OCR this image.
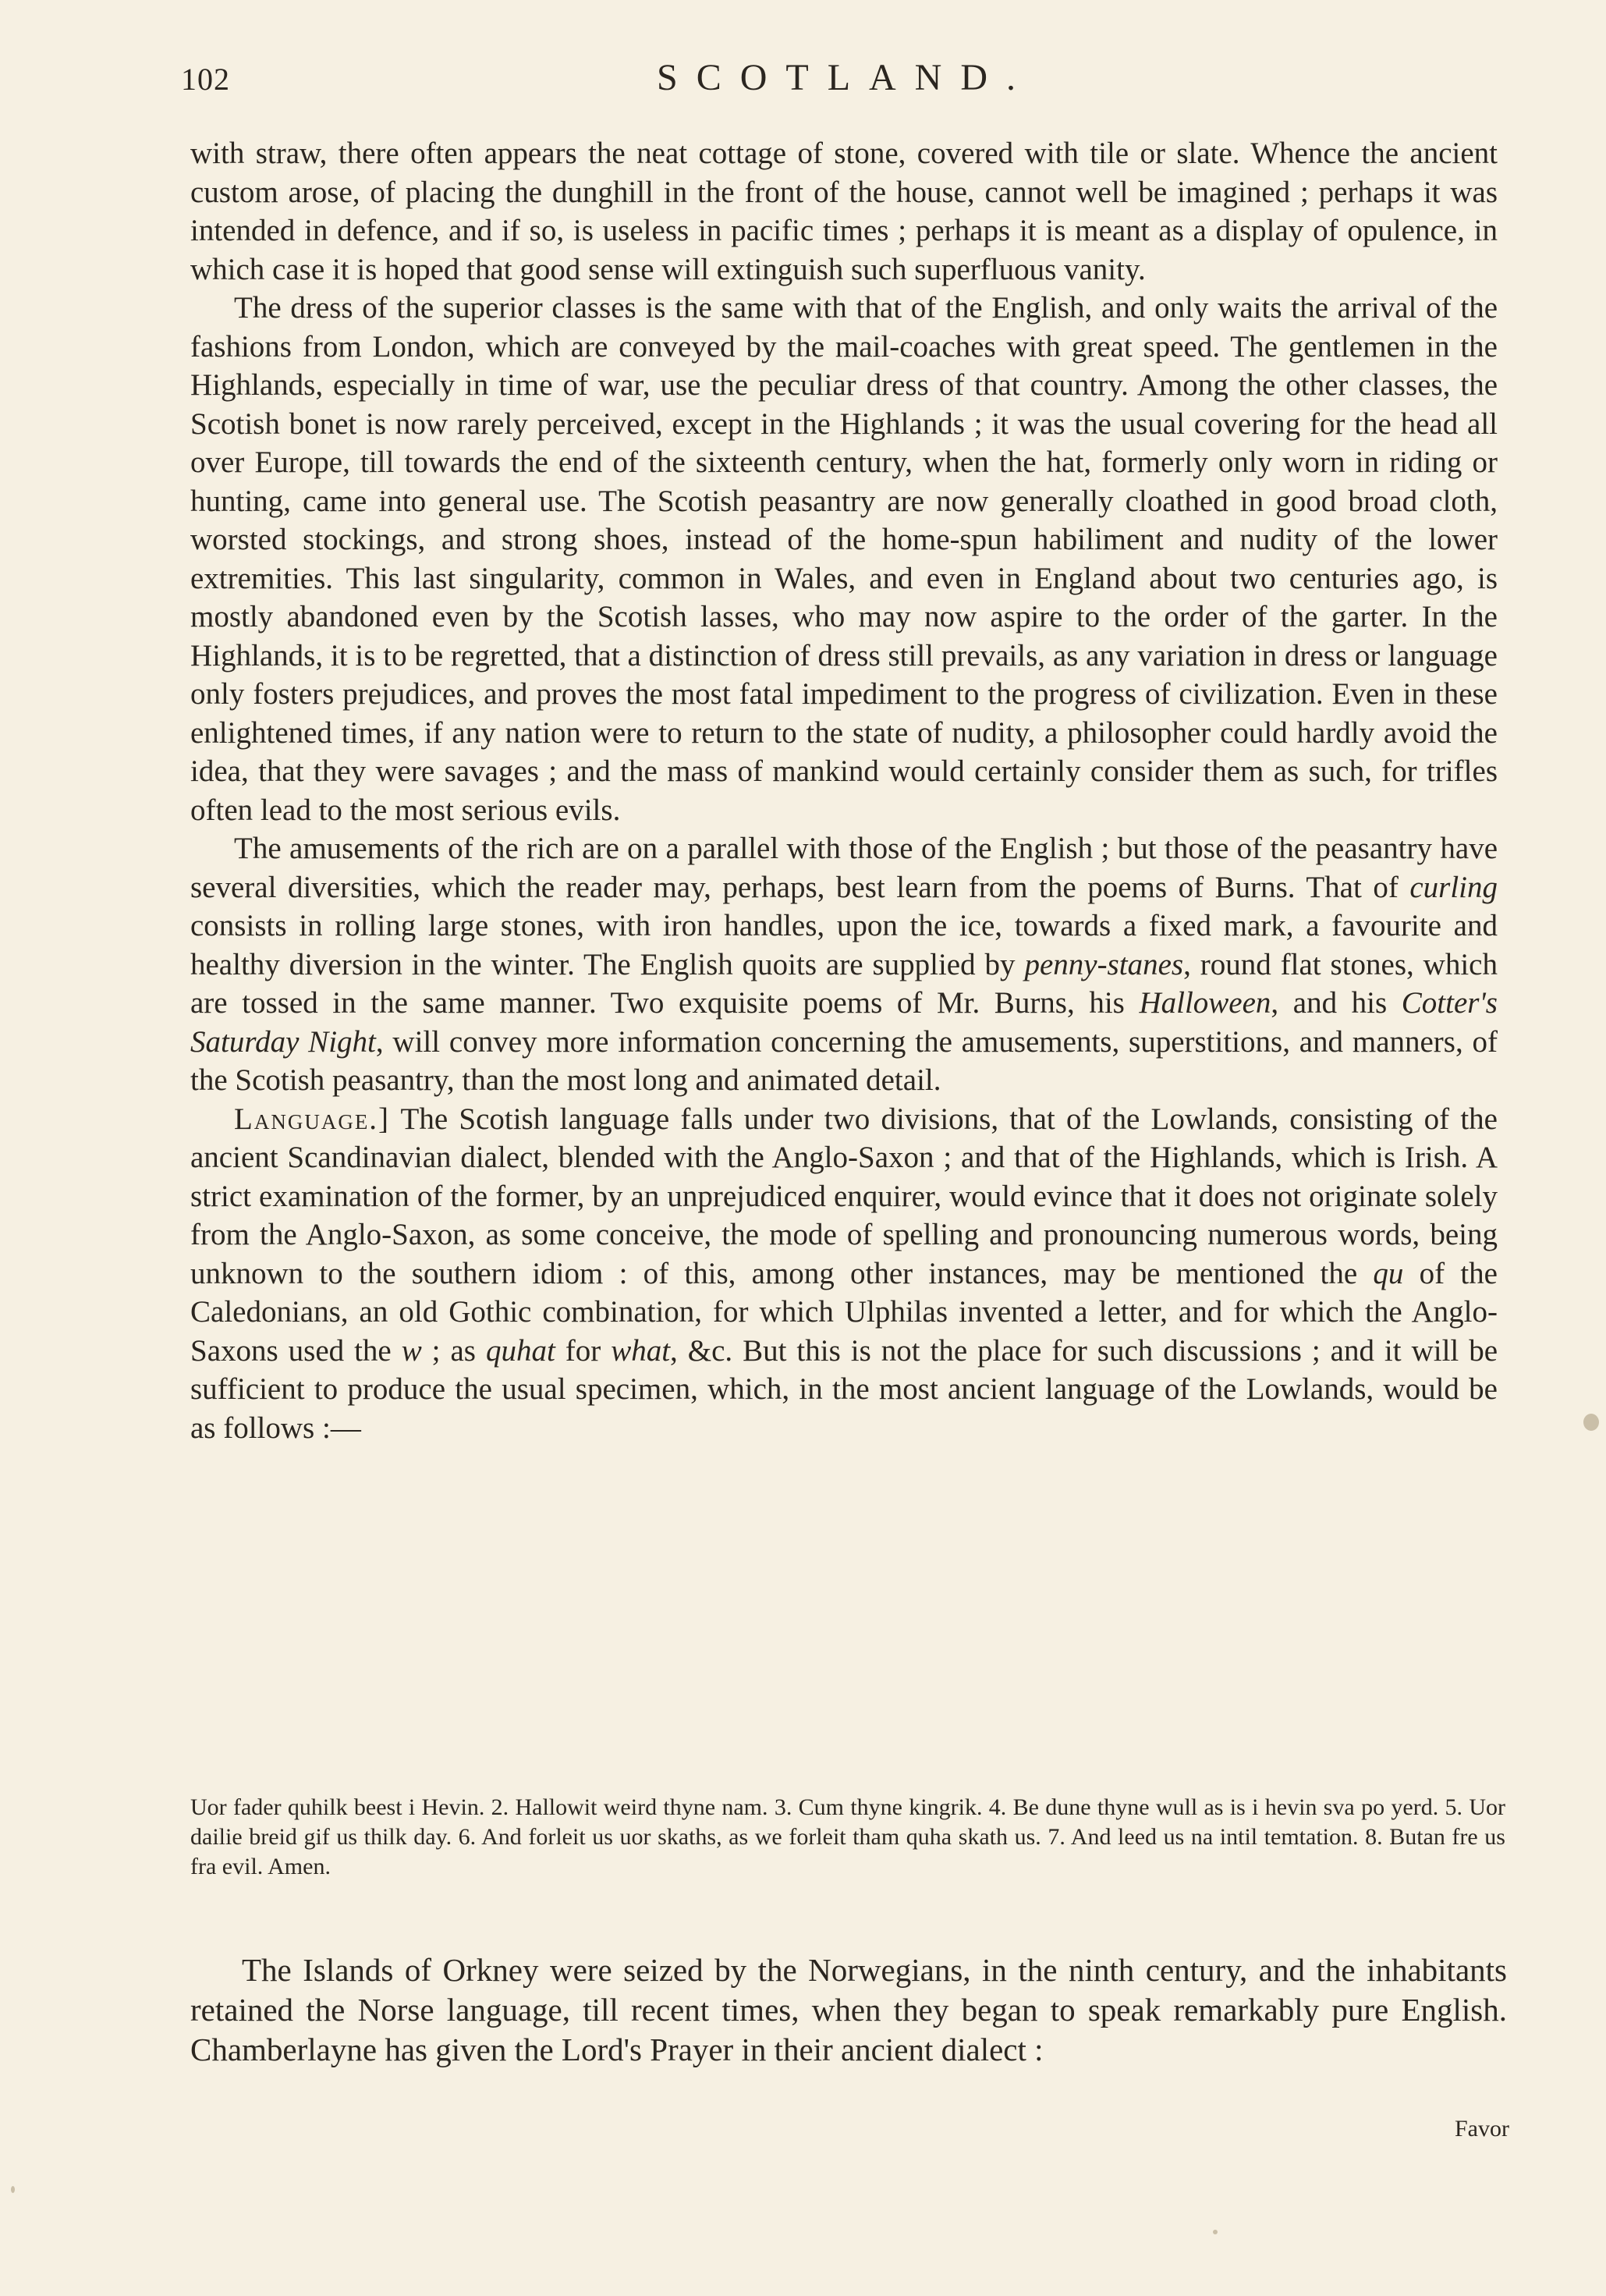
102	SCOTLAND.

with straw, there often appears the neat cottage of stone, covered with tile or slate. Whence the ancient custom arose, of placing the dunghill in the front of the house, cannot well be imagined ; perhaps it was intended in defence, and if so, is useless in pacific times ; perhaps it is meant as a display of opulence, in which case it is hoped that good sense will extinguish such superfluous vanity.

The dress of the superior classes is the same with that of the English, and only waits the arrival of the fashions from London, which are conveyed by the mail-coaches with great speed. The gentlemen in the Highlands, especially in time of war, use the peculiar dress of that country. Among the other classes, the Scotish bonet is now rarely perceived, except in the Highlands ; it was the usual covering for the head all over Europe, till towards the end of the sixteenth century, when the hat, formerly only worn in riding or hunting, came into general use. The Scotish peasantry are now generally cloathed in good broad cloth, worsted stockings, and strong shoes, instead of the home-spun habiliment and nudity of the lower extremities. This last singularity, common in Wales, and even in England about two centuries ago, is mostly abandoned even by the Scotish lasses, who may now aspire to the order of the garter. In the Highlands, it is to be regretted, that a distinction of dress still prevails, as any variation in dress or language only fosters prejudices, and proves the most fatal impediment to the progress of civilization. Even in these enlightened times, if any nation were to return to the state of nudity, a philosopher could hardly avoid the idea, that they were savages ; and the mass of mankind would certainly consider them as such, for trifles often lead to the most serious evils.

The amusements of the rich are on a parallel with those of the English ; but those of the peasantry have several diversities, which the reader may, perhaps, best learn from the poems of Burns. That of curling consists in rolling large stones, with iron handles, upon the ice, towards a fixed mark, a favourite and healthy diversion in the winter. The English quoits are supplied by penny-stanes, round flat stones, which are tossed in the same manner. Two exquisite poems of Mr. Burns, his Halloween, and his Cotter's Saturday Night, will convey more information concerning the amusements, superstitions, and manners, of the Scotish peasantry, than the most long and animated detail.

Language.] The Scotish language falls under two divisions, that of the Lowlands, consisting of the ancient Scandinavian dialect, blended with the Anglo-Saxon ; and that of the Highlands, which is Irish. A strict examination of the former, by an unprejudiced enquirer, would evince that it does not originate solely from the Anglo-Saxon, as some conceive, the mode of spelling and pronouncing numerous words, being unknown to the southern idiom : of this, among other instances, may be mentioned the qu of the Caledonians, an old Gothic combination, for which Ulphilas invented a letter, and for which the Anglo-Saxons used the w ; as quhat for what, &c. But this is not the place for such discussions ; and it will be sufficient to produce the usual specimen, which, in the most ancient language of the Lowlands, would be as follows :—

Uor fader quhilk beest i Hevin. 2. Hallowit weird thyne nam. 3. Cum thyne kingrik. 4. Be dune thyne wull as is i hevin sva po yerd. 5. Uor dailie breid gif us thilk day. 6. And forleit us uor skaths, as we forleit tham quha skath us. 7. And leed us na intil temtation. 8. Butan fre us fra evil. Amen.
The Islands of Orkney were seized by the Norwegians, in the ninth century, and the inhabitants retained the Norse language, till recent times, when they began to speak remarkably pure English. Chamberlayne has given the Lord's Prayer in their ancient dialect :
Favor
